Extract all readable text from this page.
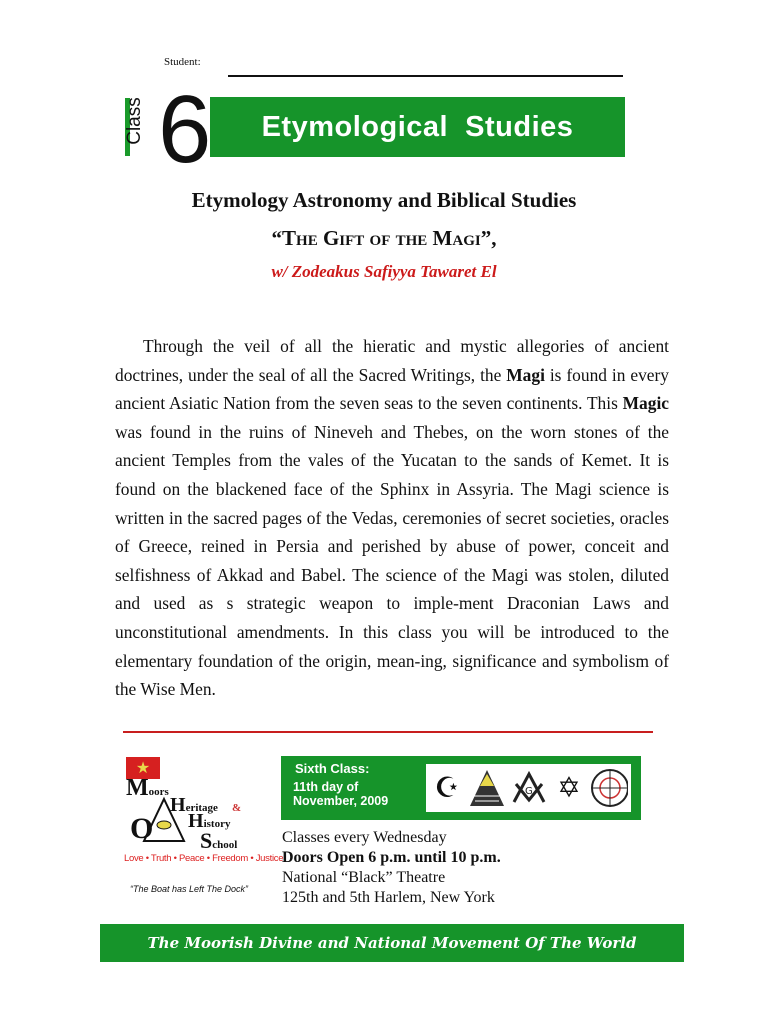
Student:
Class 6	Etymological  Studies
Etymology Astronomy and Biblical Studies
“The Gift of the Magi”,
w/ Zodeakus Safiyya Tawaret El
Through the veil of all the hieratic and mystic allegories of ancient doctrines, under the seal of all the Sacred Writings, the Magi is found in every ancient Asiatic Nation from the seven seas to the seven continents. This Magic was found in the ruins of Nineveh and Thebes, on the worn stones of the ancient Temples from the vales of the Yucatan to the sands of Kemet. It is found on the blackened face of the Sphinx in Assyria. The Magi science is written in the sacred pages of the Vedas, ceremonies of secret societies, oracles of Greece, reined in Persia and perished by abuse of power, conceit and selfishness of Akkad and Babel. The science of the Magi was stolen, diluted and used as s strategic weapon to imple-ment Draconian Laws and unconstitutional amendments. In this class you will be introduced to the elementary foundation of the origin, mean-ing, significance and symbolism of the Wise Men.
★
Moors
Heritage &
History
O School
Love • Truth • Peace • Freedom • Justice
“The Boat has Left The Dock”
Sixth Class:
11th day of November, 2009	☪	G ✡
Classes every Wednesday
Doors Open 6 p.m. until 10 p.m.
National “Black” Theatre
125th and 5th Harlem, New York
The Moorish Divine and National Movement Of The World
